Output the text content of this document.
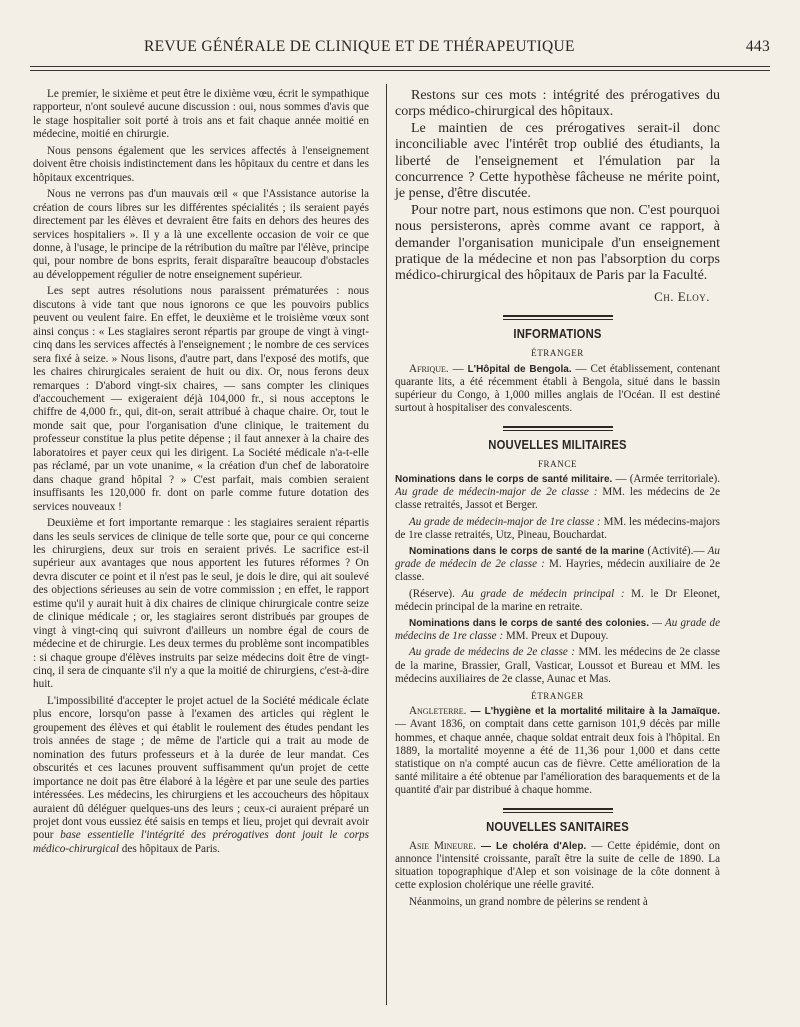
REVUE GÉNÉRALE DE CLINIQUE ET DE THÉRAPEUTIQUE	443

Le premier, le sixième et peut être le dixième vœu, écrit le sympathique rapporteur, n'ont soulevé aucune discussion : oui, nous sommes d'avis que le stage hospitalier soit porté à trois ans et fait chaque année moitié en médecine, moitié en chirurgie.

Nous pensons également que les services affectés à l'enseignement doivent être choisis indistinctement dans les hôpitaux du centre et dans les hôpitaux excentriques.

Nous ne verrons pas d'un mauvais œil « que l'Assistance autorise la création de cours libres sur les différentes spécialités ; ils seraient payés directement par les élèves et devraient être faits en dehors des heures des services hospitaliers ». Il y a là une excellente occasion de voir ce que donne, à l'usage, le principe de la rétribution du maître par l'élève, principe qui, pour nombre de bons esprits, ferait disparaître beaucoup d'obstacles au développement régulier de notre enseignement supérieur.

Les sept autres résolutions nous paraissent prématurées : nous discutons à vide tant que nous ignorons ce que les pouvoirs publics peuvent ou veulent faire. En effet, le deuxième et le troisième vœux sont ainsi conçus : « Les stagiaires seront répartis par groupe de vingt à vingt-cinq dans les services affectés à l'enseignement ; le nombre de ces services sera fixé à seize. » Nous lisons, d'autre part, dans l'exposé des motifs, que les chaires chirurgicales seraient de huit ou dix. Or, nous ferons deux remarques : D'abord vingt-six chaires, — sans compter les cliniques d'accouchement — exigeraient déjà 104,000 fr., si nous acceptons le chiffre de 4,000 fr., qui, dit-on, serait attribué à chaque chaire. Or, tout le monde sait que, pour l'organisation d'une clinique, le traitement du professeur constitue la plus petite dépense ; il faut annexer à la chaire des laboratoires et payer ceux qui les dirigent. La Société médicale n'a-t-elle pas réclamé, par un vote unanime, « la création d'un chef de laboratoire dans chaque grand hôpital ? » C'est parfait, mais combien seraient insuffisants les 120,000 fr. dont on parle comme future dotation des services nouveaux !

Deuxième et fort importante remarque : les stagiaires seraient répartis dans les seuls services de clinique de telle sorte que, pour ce qui concerne les chirurgiens, deux sur trois en seraient privés. Le sacrifice est-il supérieur aux avantages que nous apportent les futures réformes ? On devra discuter ce point et il n'est pas le seul, je dois le dire, qui ait soulevé des objections sérieuses au sein de votre commission ; en effet, le rapport estime qu'il y aurait huit à dix chaires de clinique chirurgicale contre seize de clinique médicale ; or, les stagiaires seront distribués par groupes de vingt à vingt-cinq qui suivront d'ailleurs un nombre égal de cours de médecine et de chirurgie. Les deux termes du problème sont incompatibles : si chaque groupe d'élèves instruits par seize médecins doit être de vingt-cinq, il sera de cinquante s'il n'y a que la moitié de chirurgiens, c'est-à-dire huit.

L'impossibilité d'accepter le projet actuel de la Société médicale éclate plus encore, lorsqu'on passe à l'examen des articles qui règlent le groupement des élèves et qui établit le roulement des études pendant les trois années de stage ; de même de l'article qui a trait au mode de nomination des futurs professeurs et à la durée de leur mandat. Ces obscurités et ces lacunes prouvent suffisamment qu'un projet de cette importance ne doit pas être élaboré à la légère et par une seule des parties intéressées. Les médecins, les chirurgiens et les accoucheurs des hôpitaux auraient dû déléguer quelques-uns des leurs ; ceux-ci auraient préparé un projet dont vous eussiez été saisis en temps et lieu, projet qui devrait avoir pour base essentielle l'intégrité des prérogatives dont jouit le corps médico-chirurgical des hôpitaux de Paris.

Restons sur ces mots : intégrité des prérogatives du corps médico-chirurgical des hôpitaux.

Le maintien de ces prérogatives serait-il donc inconciliable avec l'intérêt trop oublié des étudiants, la liberté de l'enseignement et l'émulation par la concurrence ? Cette hypothèse fâcheuse ne mérite point, je pense, d'être discutée.

Pour notre part, nous estimons que non. C'est pourquoi nous persisterons, après comme avant ce rapport, à demander l'organisation municipale d'un enseignement pratique de la médecine et non pas l'absorption du corps médico-chirurgical des hôpitaux de Paris par la Faculté.

Ch. Eloy.
INFORMATIONS
ÉTRANGER

Afrique. — L'Hôpital de Bengola. — Cet établissement, contenant quarante lits, a été récemment établi à Bengola, situé dans le bassin supérieur du Congo, à 1,000 milles anglais de l'Océan. Il est destiné surtout à hospitaliser des convalescents.

NOUVELLES MILITAIRES
FRANCE

Nominations dans le corps de santé militaire. — (Armée territoriale). Au grade de médecin-major de 2e classe : MM. les médecins de 2e classe retraités, Jassot et Berger.

Au grade de médecin-major de 1re classe : MM. les médecins-majors de 1re classe retraités, Utz, Pineau, Bouchardat.

Nominations dans le corps de santé de la marine (Activité).— Au grade de médecin de 2e classe : M. Hayries, médecin auxiliaire de 2e classe.

(Réserve). Au grade de médecin principal : M. le Dr Eleonet, médecin principal de la marine en retraite.

Nominations dans le corps de santé des colonies. — Au grade de médecins de 1re classe : MM. Preux et Dupouy.

Au grade de médecins de 2e classe : MM. les médecins de 2e classe de la marine, Brassier, Grall, Vasticar, Loussot et Bureau et MM. les médecins auxiliaires de 2e classe, Aunac et Mas.

ÉTRANGER

Angleterre. — L'hygiène et la mortalité militaire à la Jamaïque. — Avant 1836, on comptait dans cette garnison 101,9 décès par mille hommes, et chaque année, chaque soldat entrait deux fois à l'hôpital. En 1889, la mortalité moyenne a été de 11,36 pour 1,000 et dans cette statistique on n'a compté aucun cas de fièvre. Cette amélioration de la santé militaire a été obtenue par l'amélioration des baraquements et de la quantité d'air par distribué à chaque homme.

NOUVELLES SANITAIRES

Asie Mineure. — Le choléra d'Alep. — Cette épidémie, dont on annonce l'intensité croissante, paraît être la suite de celle de 1890. La situation topographique d'Alep et son voisinage de la côte donnent à cette explosion cholérique une réelle gravité.

Néanmoins, un grand nombre de pèlerins se rendent à
